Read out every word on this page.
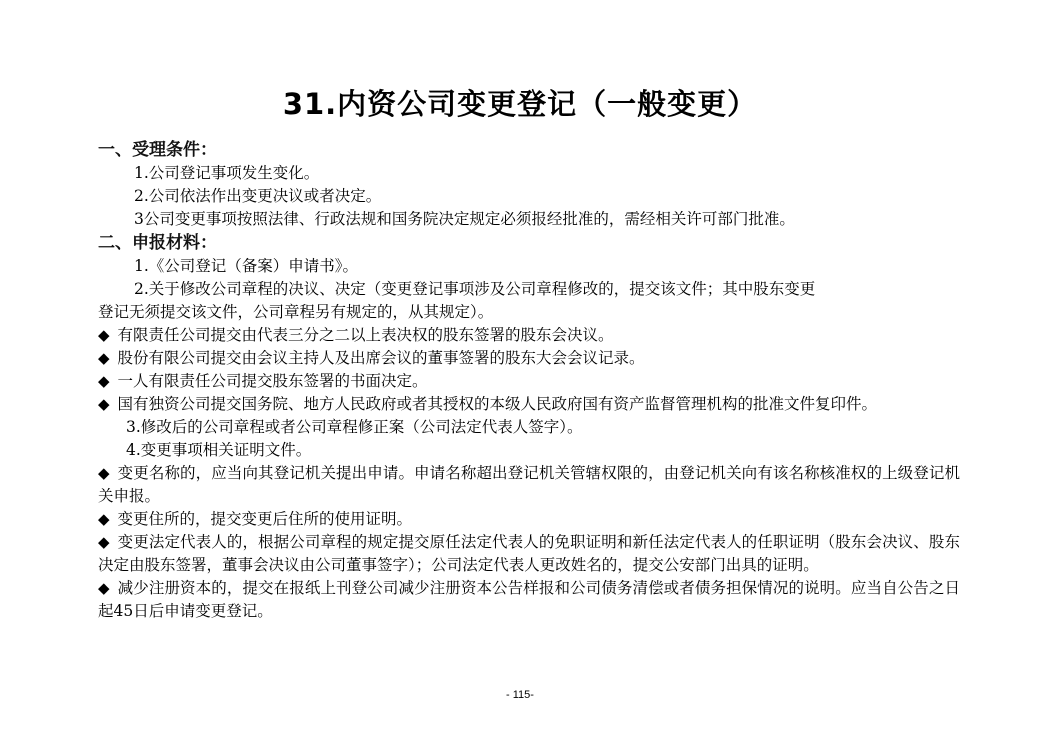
31.内资公司变更登记（一般变更）

一、受理条件：

1.公司登记事项发生变化。

2.公司依法作出变更决议或者决定。

3公司变更事项按照法律、行政法规和国务院决定规定必须报经批准的，需经相关许可部门批准。

二、申报材料：

1.《公司登记（备案）申请书》。

2.关于修改公司章程的决议、决定（变更登记事项涉及公司章程修改的，提交该文件；其中股东变更

登记无须提交该文件，公司章程另有规定的，从其规定）。

◆ 有限责任公司提交由代表三分之二以上表决权的股东签署的股东会决议。

◆ 股份有限公司提交由会议主持人及出席会议的董事签署的股东大会会议记录。

◆ 一人有限责任公司提交股东签署的书面决定。

◆ 国有独资公司提交国务院、地方人民政府或者其授权的本级人民政府国有资产监督管理机构的批准文件复印件。

3.修改后的公司章程或者公司章程修正案（公司法定代表人签字）。

4.变更事项相关证明文件。

◆ 变更名称的，应当向其登记机关提出申请。申请名称超出登记机关管辖权限的，由登记机关向有该名称核准权的上级登记机关申报。

◆ 变更住所的，提交变更后住所的使用证明。

◆ 变更法定代表人的，根据公司章程的规定提交原任法定代表人的免职证明和新任法定代表人的任职证明（股东会决议、股东决定由股东签署，董事会决议由公司董事签字）；公司法定代表人更改姓名的，提交公安部门出具的证明。

◆ 减少注册资本的，提交在报纸上刊登公司减少注册资本公告样报和公司债务清偿或者债务担保情况的说明。应当自公告之日起45日后申请变更登记。

- 115-
